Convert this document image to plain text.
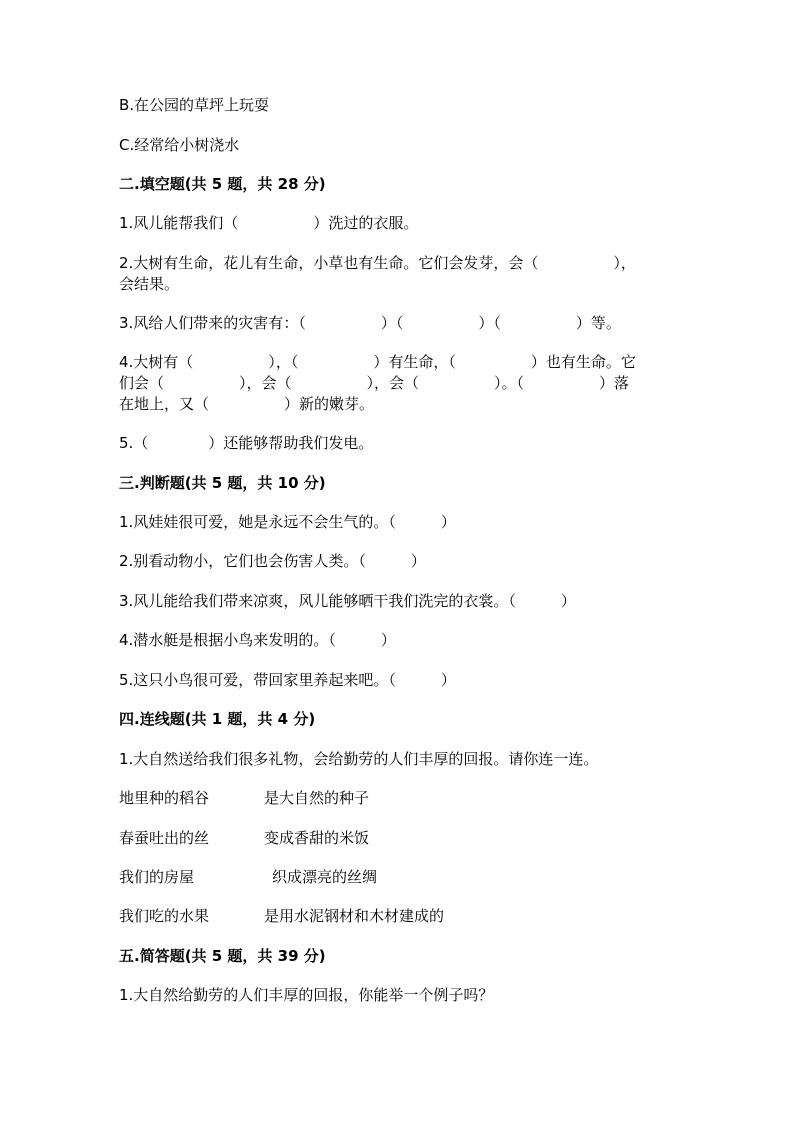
B.在公园的草坪上玩耍
C.经常给小树浇水
二.填空题(共 5 题，共 28 分)
1.风儿能帮我们（　　　　　）洗过的衣服。
2.大树有生命，花儿有生命，小草也有生命。它们会发芽，会（　　　　　），
会结果。
3.风给人们带来的灾害有：（　　　　　）（　　　　　）（　　　　　）等。
4.大树有（　　　　　），（　　　　　）有生命，（　　　　　）也有生命。它
们会（　　　　　），会（　　　　　），会（　　　　　）。（　　　　　）落
在地上，又（　　　　　）新的嫩芽。
5.（　　　　）还能够帮助我们发电。
三.判断题(共 5 题，共 10 分)
1.风娃娃很可爱，她是永远不会生气的。（　　　）
2.别看动物小，它们也会伤害人类。（　　　）
3.风儿能给我们带来凉爽，风儿能够晒干我们洗完的衣裳。（　　　）
4.潜水艇是根据小鸟来发明的。（　　　）
5.这只小鸟很可爱，带回家里养起来吧。（　　　）
四.连线题(共 1 题，共 4 分)
1.大自然送给我们很多礼物，会给勤劳的人们丰厚的回报。请你连一连。
地里种的稻谷	是大自然的种子
春蚕吐出的丝	变成香甜的米饭
我们的房屋	织成漂亮的丝绸
我们吃的水果	是用水泥钢材和木材建成的
五.简答题(共 5 题，共 39 分)
1.大自然给勤劳的人们丰厚的回报，你能举一个例子吗？
